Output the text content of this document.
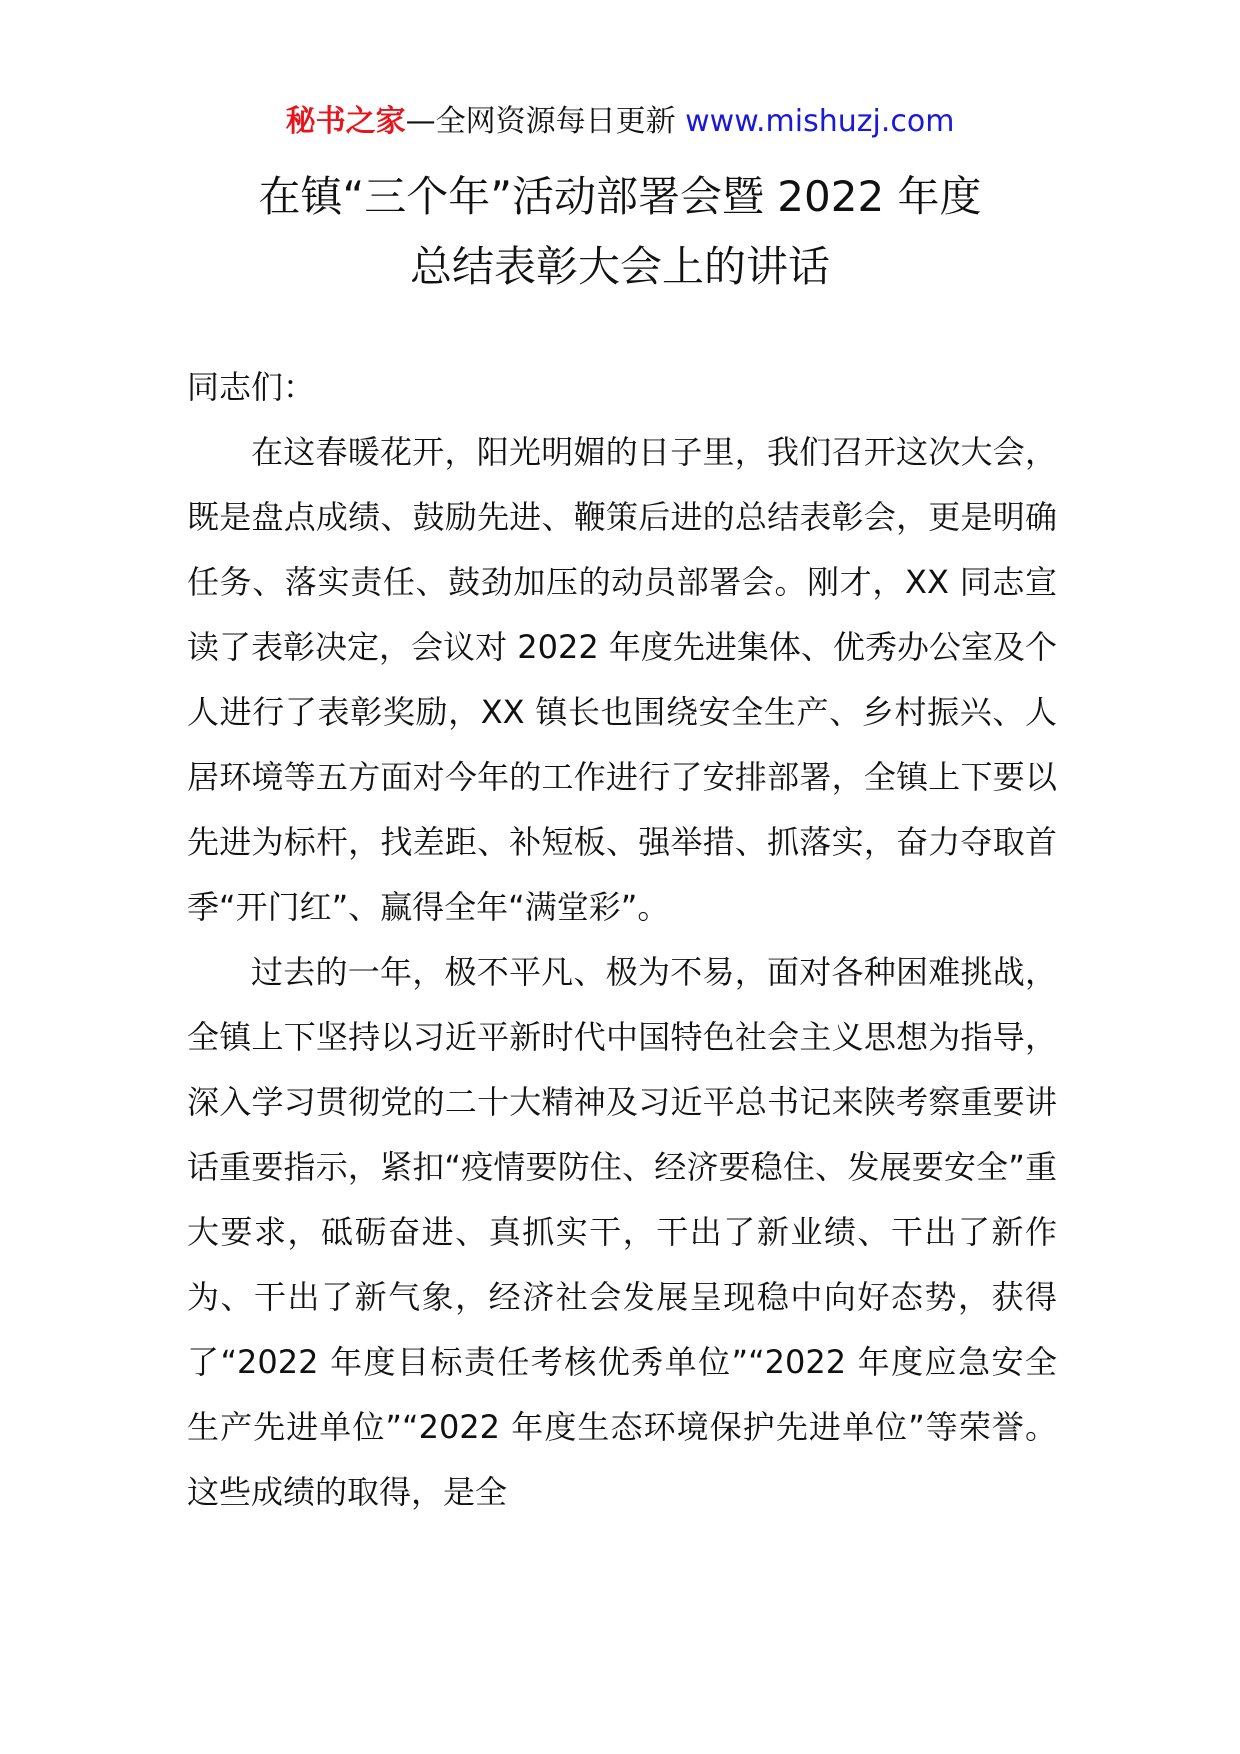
秘书之家—全网资源每日更新 www.mishuzj.com
在镇“三个年”活动部署会暨 2022 年度
总结表彰大会上的讲话

同志们：

在这春暖花开，阳光明媚的日子里，我们召开这次大会，既是盘点成绩、鼓励先进、鞭策后进的总结表彰会，更是明确任务、落实责任、鼓劲加压的动员部署会。刚才，XX 同志宣读了表彰决定，会议对 2022 年度先进集体、优秀办公室及个人进行了表彰奖励，XX 镇长也围绕安全生产、乡村振兴、人居环境等五方面对今年的工作进行了安排部署，全镇上下要以先进为标杆，找差距、补短板、强举措、抓落实，奋力夺取首季“开门红”、赢得全年“满堂彩”。

过去的一年，极不平凡、极为不易，面对各种困难挑战，全镇上下坚持以习近平新时代中国特色社会主义思想为指导，深入学习贯彻党的二十大精神及习近平总书记来陕考察重要讲话重要指示，紧扣“疫情要防住、经济要稳住、发展要安全”重大要求，砥砺奋进、真抓实干，干出了新业绩、干出了新作为、干出了新气象，经济社会发展呈现稳中向好态势，获得了“2022 年度目标责任考核优秀单位”“2022 年度应急安全生产先进单位”“2022 年度生态环境保护先进单位”等荣誉。这些成绩的取得，是全
